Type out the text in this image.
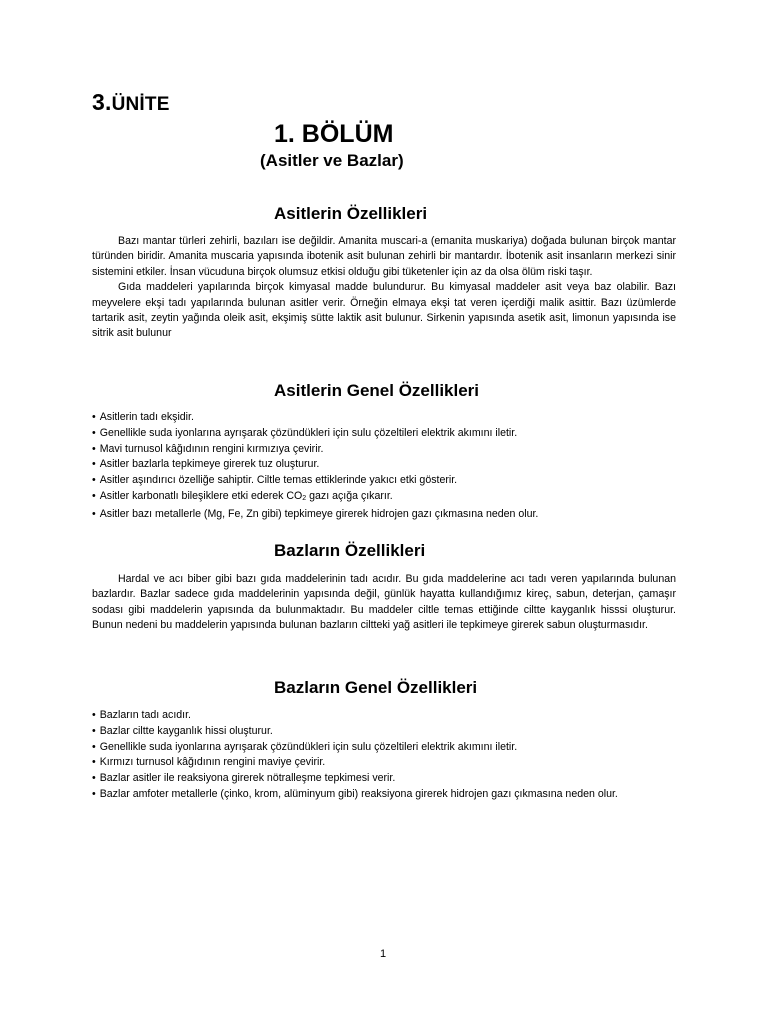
3.ÜNİTE
1. BÖLÜM
(Asitler ve Bazlar)
Asitlerin Özellikleri

Bazı mantar türleri zehirli, bazıları ise değildir. Amanita muscari-a (emanita muskariya) doğada bulunan birçok mantar türünden biridir. Amanita muscaria yapısında ibotenik asit bulunan zehirli bir mantardır. İbotenik asit insanların merkezi sinir sistemini etkiler. İnsan vücuduna birçok olumsuz etkisi olduğu gibi tüketenler için az da olsa ölüm riski taşır.

Gıda maddeleri yapılarında birçok kimyasal madde bulundurur. Bu kimyasal maddeler asit veya baz olabilir. Bazı meyvelere ekşi tadı yapılarında bulunan asitler verir. Örneğin elmaya ekşi tat veren içerdiği malik asittir. Bazı üzümlerde tartarik asit, zeytin yağında oleik asit, ekşimiş sütte laktik asit bulunur. Sirkenin yapısında asetik asit, limonun yapısında ise sitrik asit bulunur

Asitlerin Genel Özellikleri
• Asitlerin tadı ekşidir.
• Genellikle suda iyonlarına ayrışarak çözündükleri için sulu çözeltileri elektrik akımını iletir.
• Mavi turnusol kâğıdının rengini kırmızıya çevirir.
• Asitler bazlarla tepkimeye girerek tuz oluşturur.
• Asitler aşındırıcı özelliğe sahiptir. Ciltle temas ettiklerinde yakıcı etki gösterir.
• Asitler karbonatlı bileşiklere etki ederek CO2 gazı açığa çıkarır.
• Asitler bazı metallerle (Mg, Fe, Zn gibi) tepkimeye girerek hidrojen gazı çıkmasına neden olur.
Bazların Özellikleri

Hardal ve acı biber gibi bazı gıda maddelerinin tadı acıdır. Bu gıda maddelerine acı tadı veren yapılarında bulunan bazlardır. Bazlar sadece gıda maddelerinin yapısında değil, günlük hayatta kullandığımız kireç, sabun, deterjan, çamaşır sodası gibi maddelerin yapısında da bulunmaktadır. Bu maddeler ciltle temas ettiğinde ciltte kayganlık hisssi oluşturur. Bunun nedeni bu maddelerin yapısında bulunan bazların ciltteki yağ asitleri ile tepkimeye girerek sabun oluşturmasıdır.

Bazların Genel Özellikleri
• Bazların tadı acıdır.
• Bazlar ciltte kayganlık hissi oluşturur.
• Genellikle suda iyonlarına ayrışarak çözündükleri için sulu çözeltileri elektrik akımını iletir.
• Kırmızı turnusol kâğıdının rengini maviye çevirir.
• Bazlar asitler ile reaksiyona girerek nötralleşme tepkimesi verir.
• Bazlar amfoter metallerle (çinko, krom, alüminyum gibi) reaksiyona girerek hidrojen gazı çıkmasına neden olur.
1
